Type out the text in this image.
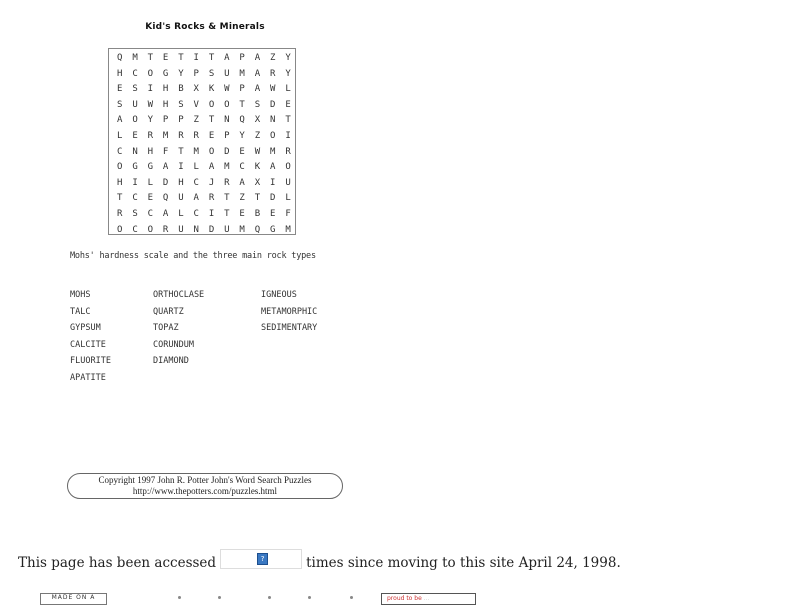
Kid's Rocks & Minerals
Q	M	T	E	T	I	T	A	P	A	Z	Y
H	C	O	G	Y	P	S	U	M	A	R	Y
E	S	I	H	B	X	K	W	P	A	W	L
S	U	W	H	S	V	O	O	T	S	D	E
A	O	Y	P	P	Z	T	N	Q	X	N	T
L	E	R	M	R	R	E	P	Y	Z	O	I
C	N	H	F	T	M	O	D	E	W	M	R
O	G	G	A	I	L	A	M	C	K	A	O
H	I	L	D	H	C	J	R	A	X	I	U
T	C	E	Q	U	A	R	T	Z	T	D	L
R	S	C	A	L	C	I	T	E	B	E	F
O	C	O	R	U	N	D	U	M	Q	G	M
Mohs' hardness scale and the three main rock types
MOHS
TALC
GYPSUM
CALCITE
FLUORITE
APATITE
ORTHOCLASE
QUARTZ
TOPAZ
CORUNDUM
DIAMOND
IGNEOUS
METAMORPHIC
SEDIMENTARY
Copyright 1997 John R. Potter John's Word Search Puzzles
http://www.thepotters.com/puzzles.html
This page has been accessed	?	times since moving to this site April 24, 1998.
MADE ON A	proud to be ...
